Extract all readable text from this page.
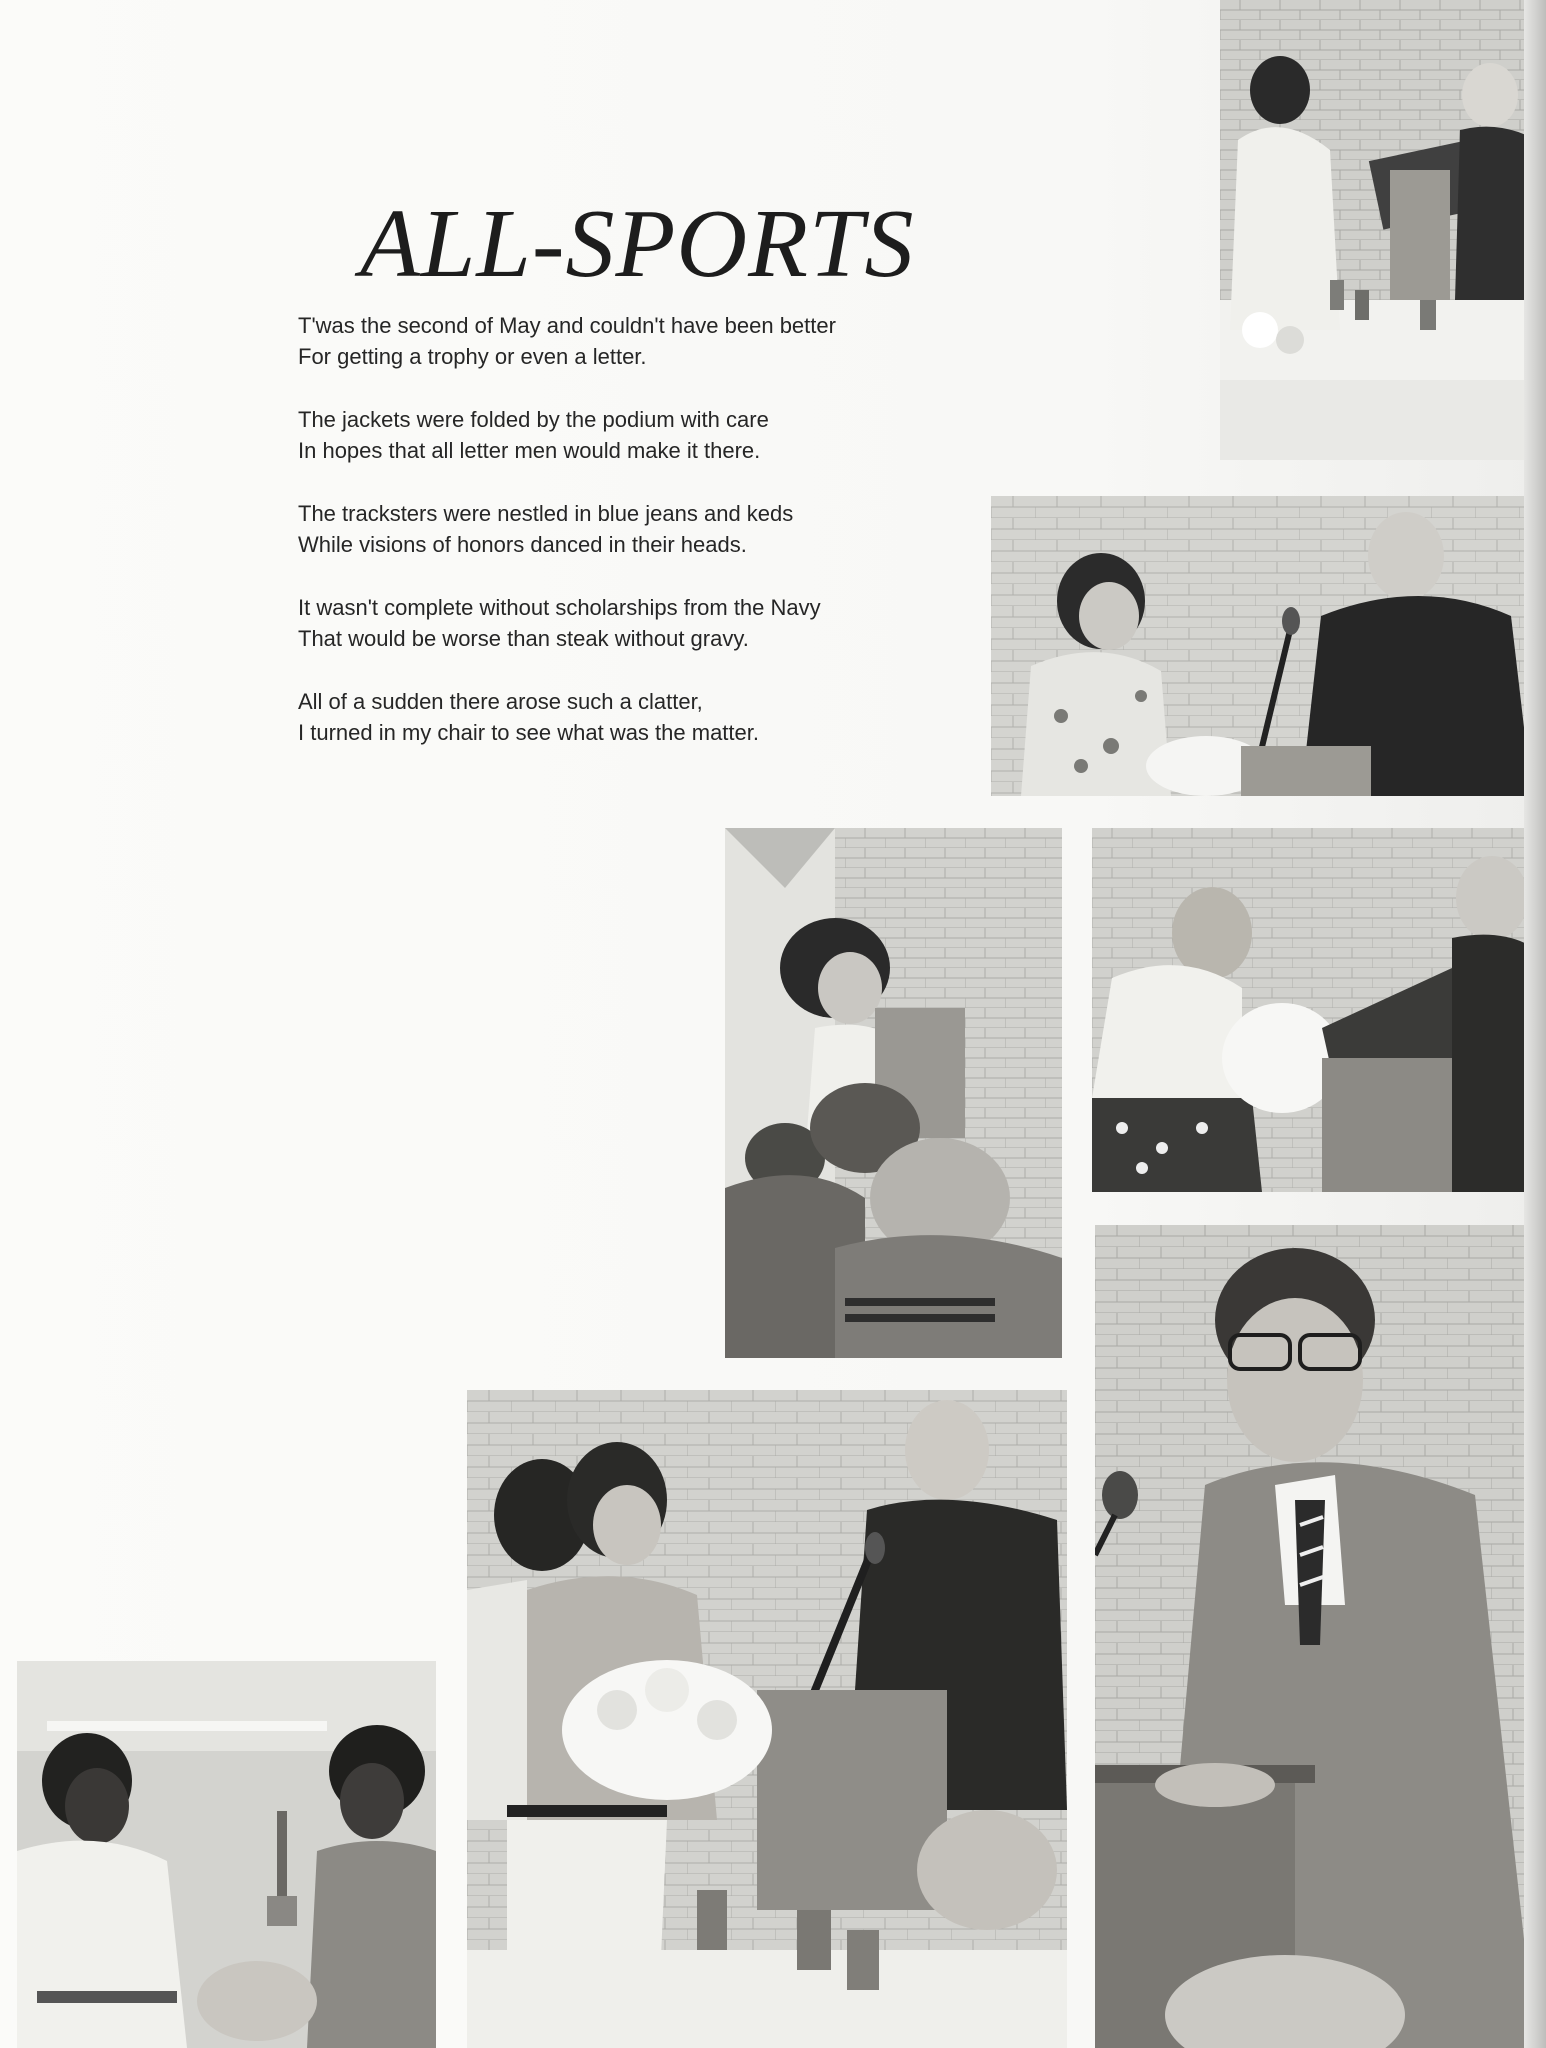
ALL-SPORTS

T'was the second of May and couldn't have been better
For getting a trophy or even a letter.

The jackets were folded by the podium with care
In hopes that all letter men would make it there.

The tracksters were nestled in blue jeans and keds
While visions of honors danced in their heads.

It wasn't complete without scholarships from the Navy
That would be worse than steak without gravy.

All of a sudden there arose such a clatter,
I turned in my chair to see what was the matter.
